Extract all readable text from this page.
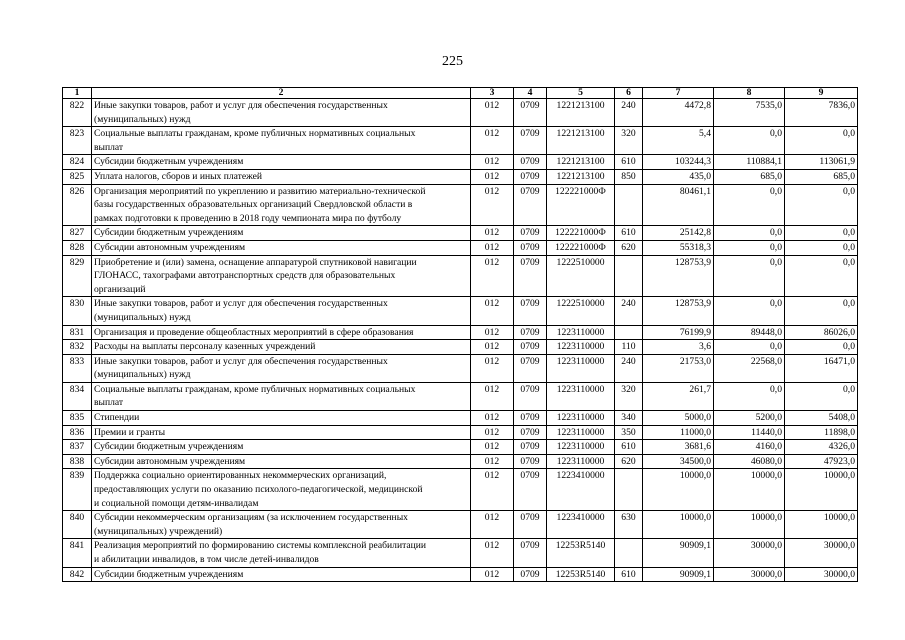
225
1	2	3	4	5	6	7	8	9
822	Иные закупки товаров, работ и услуг для обеспечения государственных
(муниципальных) нужд	012	0709	1221213100	240	4472,8	7535,0	7836,0
823	Социальные выплаты гражданам, кроме публичных нормативных социальных
выплат	012	0709	1221213100	320	5,4	0,0	0,0
824	Субсидии бюджетным учреждениям	012	0709	1221213100	610	103244,3	110884,1	113061,9
825	Уплата налогов, сборов и иных платежей	012	0709	1221213100	850	435,0	685,0	685,0
826	Организация мероприятий по укреплению и развитию материально-технической
базы государственных образовательных организаций Свердловской области в
рамках подготовки к проведению в 2018 году чемпионата мира по футболу	012	0709	122221000Ф		80461,1	0,0	0,0
827	Субсидии бюджетным учреждениям	012	0709	122221000Ф	610	25142,8	0,0	0,0
828	Субсидии автономным учреждениям	012	0709	122221000Ф	620	55318,3	0,0	0,0
829	Приобретение и (или) замена, оснащение аппаратурой спутниковой навигации
ГЛОНАСС, тахографами автотранспортных средств для образовательных
организаций	012	0709	1222510000		128753,9	0,0	0,0
830	Иные закупки товаров, работ и услуг для обеспечения государственных
(муниципальных) нужд	012	0709	1222510000	240	128753,9	0,0	0,0
831	Организация и проведение общеобластных мероприятий в сфере образования	012	0709	1223110000		76199,9	89448,0	86026,0
832	Расходы на выплаты персоналу казенных учреждений	012	0709	1223110000	110	3,6	0,0	0,0
833	Иные закупки товаров, работ и услуг для обеспечения государственных
(муниципальных) нужд	012	0709	1223110000	240	21753,0	22568,0	16471,0
834	Социальные выплаты гражданам, кроме публичных нормативных социальных
выплат	012	0709	1223110000	320	261,7	0,0	0,0
835	Стипендии	012	0709	1223110000	340	5000,0	5200,0	5408,0
836	Премии и гранты	012	0709	1223110000	350	11000,0	11440,0	11898,0
837	Субсидии бюджетным учреждениям	012	0709	1223110000	610	3681,6	4160,0	4326,0
838	Субсидии автономным учреждениям	012	0709	1223110000	620	34500,0	46080,0	47923,0
839	Поддержка социально ориентированных некоммерческих организаций,
предоставляющих услуги по оказанию психолого-педагогической, медицинской
и социальной помощи детям-инвалидам	012	0709	1223410000		10000,0	10000,0	10000,0
840	Субсидии некоммерческим организациям (за исключением государственных
(муниципальных) учреждений)	012	0709	1223410000	630	10000,0	10000,0	10000,0
841	Реализация мероприятий по формированию системы комплексной реабилитации
и абилитации инвалидов, в том числе детей-инвалидов	012	0709	12253R5140		90909,1	30000,0	30000,0
842	Субсидии бюджетным учреждениям	012	0709	12253R5140	610	90909,1	30000,0	30000,0
